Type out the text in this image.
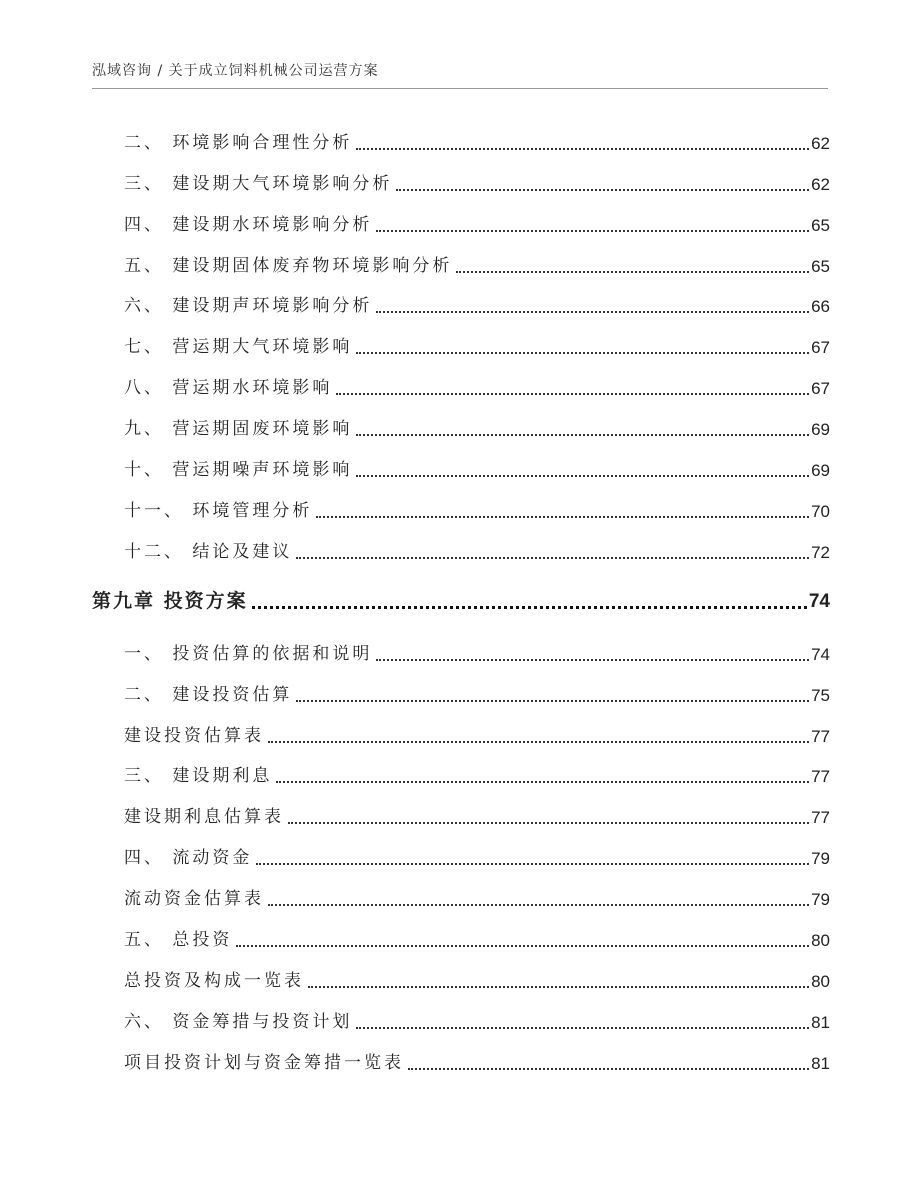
泓域咨询 / 关于成立饲料机械公司运营方案
二、 环境影响合理性分析	62
三、 建设期大气环境影响分析	62
四、 建设期水环境影响分析	65
五、 建设期固体废弃物环境影响分析	65
六、 建设期声环境影响分析	66
七、 营运期大气环境影响	67
八、 营运期水环境影响	67
九、 营运期固废环境影响	69
十、 营运期噪声环境影响	69
十一、 环境管理分析	70
十二、 结论及建议	72
第九章 投资方案	74
一、 投资估算的依据和说明	74
二、 建设投资估算	75
建设投资估算表	77
三、 建设期利息	77
建设期利息估算表	77
四、 流动资金	79
流动资金估算表	79
五、 总投资	80
总投资及构成一览表	80
六、 资金筹措与投资计划	81
项目投资计划与资金筹措一览表	81
